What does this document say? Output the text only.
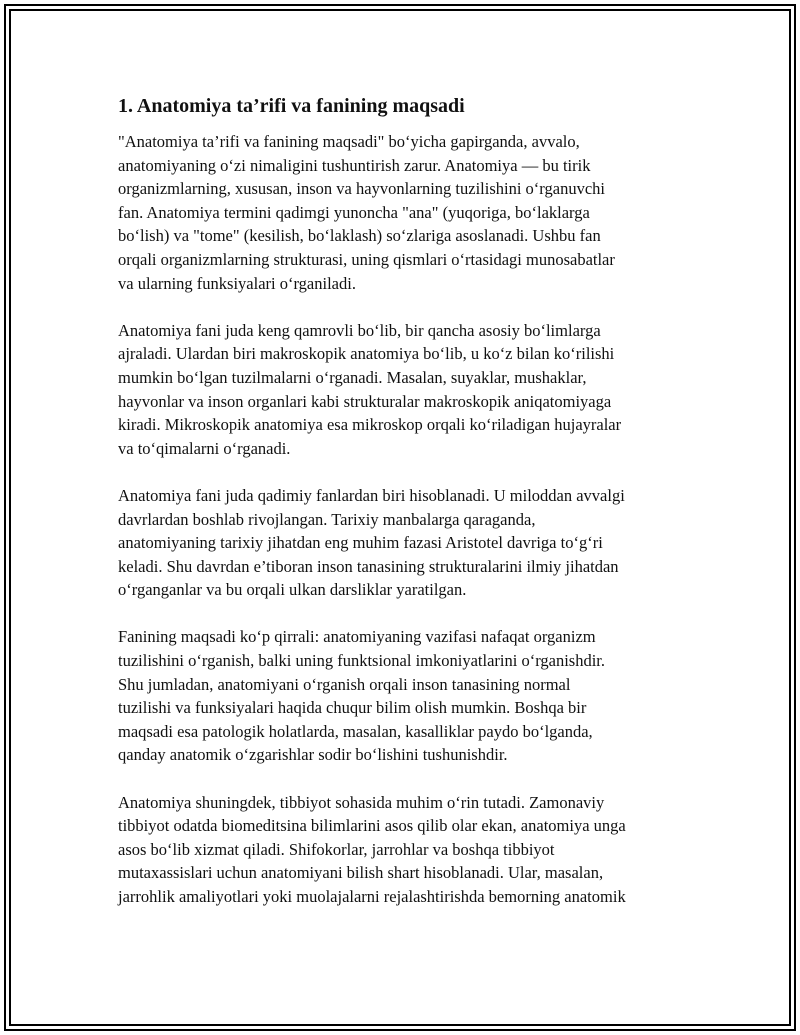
1. Anatomiya ta’rifi va fanining maqsadi

"Anatomiya ta’rifi va fanining maqsadi" bo‘yicha gapirganda, avvalo,
anatomiyaning o‘zi nimaligini tushuntirish zarur. Anatomiya — bu tirik
organizmlarning, xususan, inson va hayvonlarning tuzilishini o‘rganuvchi
fan. Anatomiya termini qadimgi yunoncha "ana" (yuqoriga, bo‘laklarga
bo‘lish) va "tome" (kesilish, bo‘laklash) so‘zlariga asoslanadi. Ushbu fan
orqali organizmlarning strukturasi, uning qismlari o‘rtasidagi munosabatlar
va ularning funksiyalari o‘rganiladi.

Anatomiya fani juda keng qamrovli bo‘lib, bir qancha asosiy bo‘limlarga
ajraladi. Ulardan biri makroskopik anatomiya bo‘lib, u ko‘z bilan ko‘rilishi
mumkin bo‘lgan tuzilmalarni o‘rganadi. Masalan, suyaklar, mushaklar,
hayvonlar va inson organlari kabi strukturalar makroskopik aniqatomiyaga
kiradi. Mikroskopik anatomiya esa mikroskop orqali ko‘riladigan hujayralar
va to‘qimalarni o‘rganadi.

Anatomiya fani juda qadimiy fanlardan biri hisoblanadi. U miloddan avvalgi
davrlardan boshlab rivojlangan. Tarixiy manbalarga qaraganda,
anatomiyaning tarixiy jihatdan eng muhim fazasi Aristotel davriga to‘g‘ri
keladi. Shu davrdan e’tiboran inson tanasining strukturalarini ilmiy jihatdan
o‘rganganlar va bu orqali ulkan darsliklar yaratilgan.

Fanining maqsadi ko‘p qirrali: anatomiyaning vazifasi nafaqat organizm
tuzilishini o‘rganish, balki uning funktsional imkoniyatlarini o‘rganishdir.
Shu jumladan, anatomiyani o‘rganish orqali inson tanasining normal
tuzilishi va funksiyalari haqida chuqur bilim olish mumkin. Boshqa bir
maqsadi esa patologik holatlarda, masalan, kasalliklar paydo bo‘lganda,
qanday anatomik o‘zgarishlar sodir bo‘lishini tushunishdir.

Anatomiya shuningdek, tibbiyot sohasida muhim o‘rin tutadi. Zamonaviy
tibbiyot odatda biomeditsina bilimlarini asos qilib olar ekan, anatomiya unga
asos bo‘lib xizmat qiladi. Shifokorlar, jarrohlar va boshqa tibbiyot
mutaxassislari uchun anatomiyani bilish shart hisoblanadi. Ular, masalan,
jarrohlik amaliyotlari yoki muolajalarni rejalashtirishda bemorning anatomik
